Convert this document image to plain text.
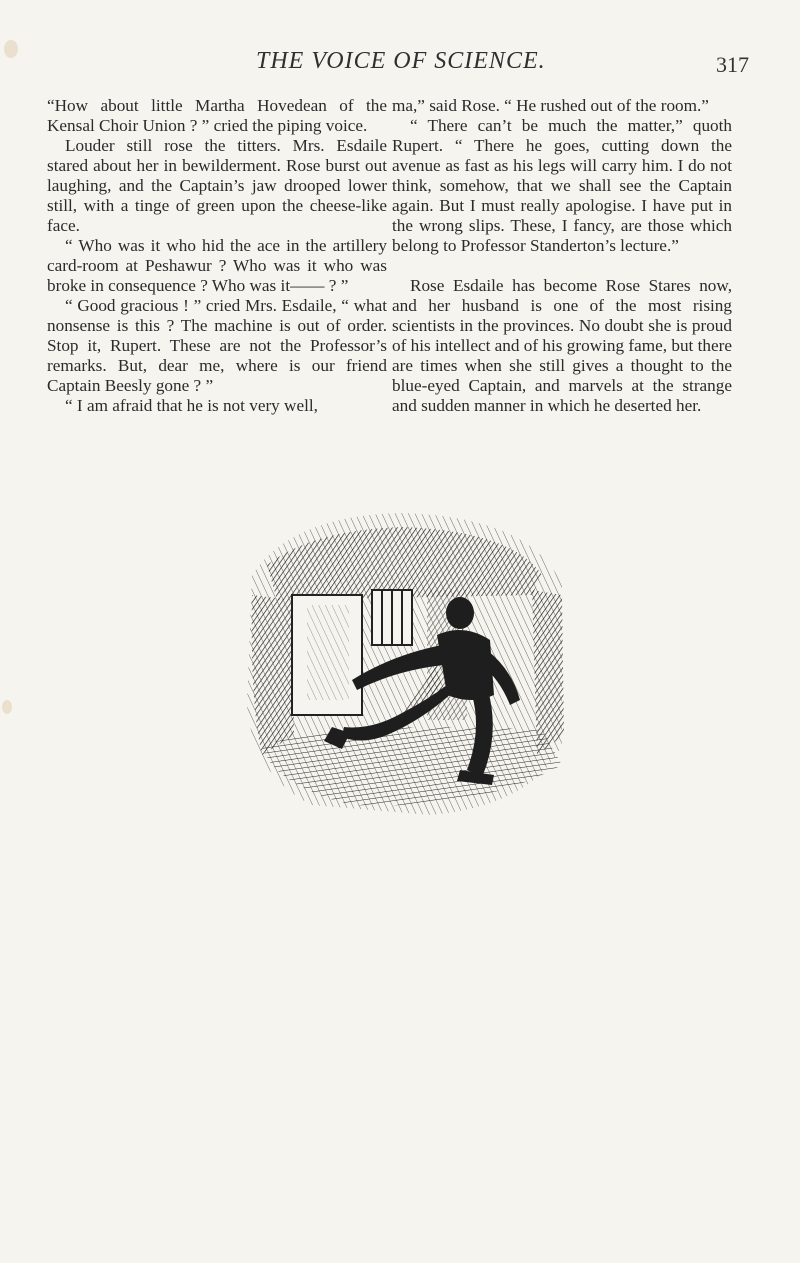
THE VOICE OF SCIENCE.	317

“How about little Martha Hovedean of the Kensal Choir Union ? ” cried the piping voice.

Louder still rose the titters. Mrs. Esdaile stared about her in bewilderment. Rose burst out laughing, and the Captain’s jaw drooped lower still, with a tinge of green upon the cheese-like face.

“ Who was it who hid the ace in the artillery card-room at Peshawur ? Who was it who was broke in consequence ? Who was it—— ? ”

“ Good gracious ! ” cried Mrs. Esdaile, “ what nonsense is this ? The machine is out of order. Stop it, Rupert. These are not the Professor’s remarks. But, dear me, where is our friend Captain Beesly gone ? ”

“ I am afraid that he is not very well,

ma,” said Rose. “ He rushed out of the room.”

“ There can’t be much the matter,” quoth Rupert. “ There he goes, cutting down the avenue as fast as his legs will carry him. I do not think, somehow, that we shall see the Captain again. But I must really apologise. I have put in the wrong slips. These, I fancy, are those which belong to Professor Standerton’s lecture.”

Rose Esdaile has become Rose Stares now, and her husband is one of the most rising scientists in the provinces. No doubt she is proud of his intellect and of his growing fame, but there are times when she still gives a thought to the blue-eyed Captain, and marvels at the strange and sudden manner in which he deserted her.
